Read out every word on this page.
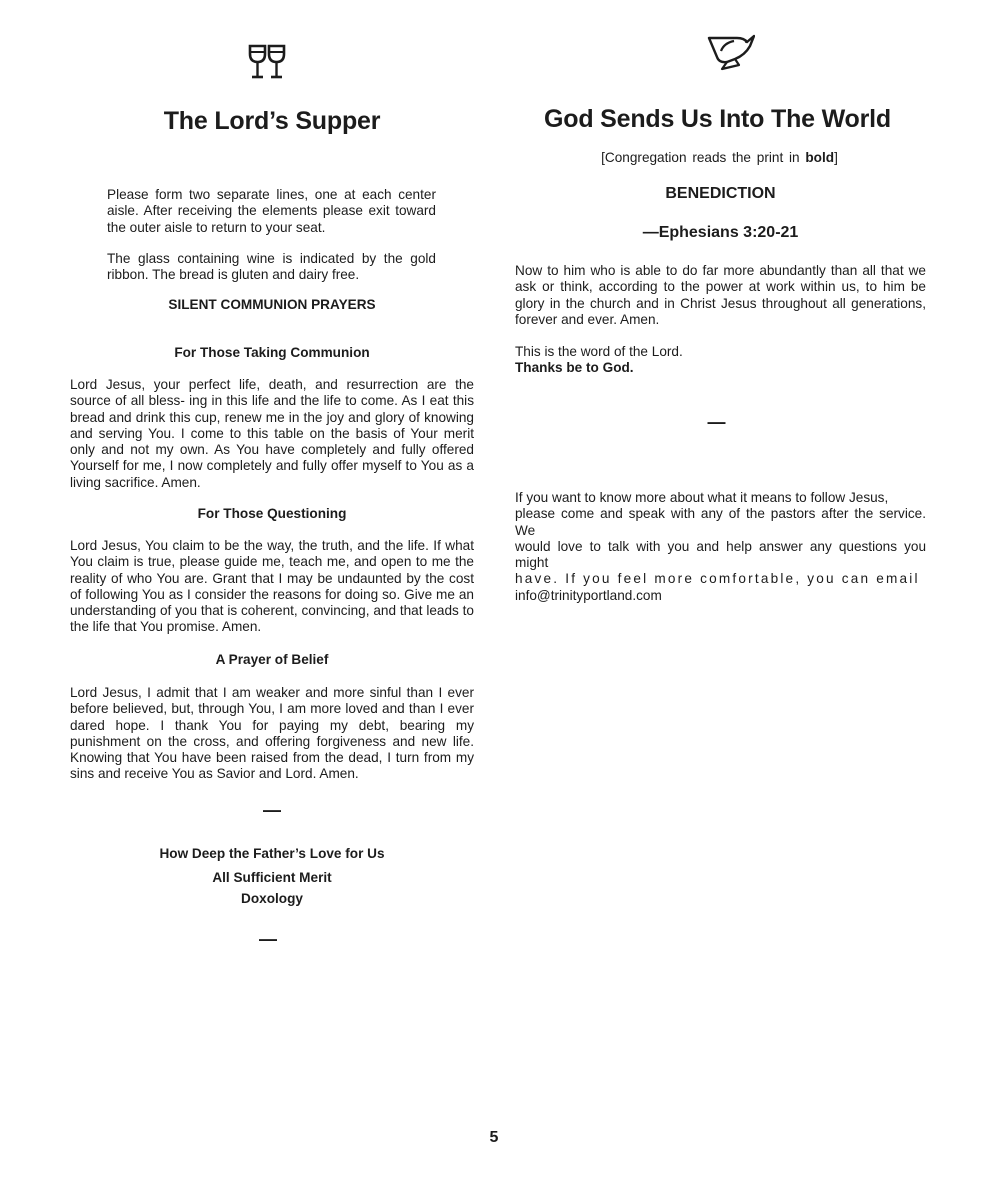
The Lord’s Supper

Please form two separate lines, one at each center aisle. After receiving the elements please exit toward the outer aisle to return to your seat.

The glass containing wine is indicated by the gold ribbon. The bread is gluten and dairy free.

SILENT COMMUNION PRAYERS
For Those Taking Communion

Lord Jesus, your perfect life, death, and resurrection are the source of all bless- ing in this life and the life to come. As I eat this bread and drink this cup, renew me in the joy and glory of knowing and serving You. I come to this table on the basis of Your merit only and not my own. As You have completely and fully offered Yourself for me, I now completely and fully offer myself to You as a living sacrifice. Amen.

For Those Questioning

Lord Jesus, You claim to be the way, the truth, and the life. If what You claim is true, please guide me, teach me, and open to me the reality of who You are. Grant that I may be undaunted by the cost of following You as I consider the reasons for doing so. Give me an understanding of you that is coherent, convincing, and that leads to the life that You promise. Amen.

A Prayer of Belief

Lord Jesus, I admit that I am weaker and more sinful than I ever before believed, but, through You, I am more loved and than I ever dared hope. I thank You for paying my debt, bearing my punishment on the cross, and offering forgiveness and new life. Knowing that You have been raised from the dead, I turn from my sins and receive You as Savior and Lord. Amen.

—
How Deep the Father’s Love for Us
All Sufficient Merit
Doxology
—
God Sends Us Into The World
[Congregation reads the print in bold]
BENEDICTION
—Ephesians 3:20-21

Now to him who is able to do far more abundantly than all that we ask or think, according to the power at work within us, to him be glory in the church and in Christ Jesus throughout all generations, forever and ever. Amen.

This is the word of the Lord.
Thanks be to God.

—

If you want to know more about what it means to follow Jesus,
please come and speak with any of the pastors after the service. We
would love to talk with you and help answer any questions you might
have. If you feel more comfortable, you can email
info@trinityportland.com

5
